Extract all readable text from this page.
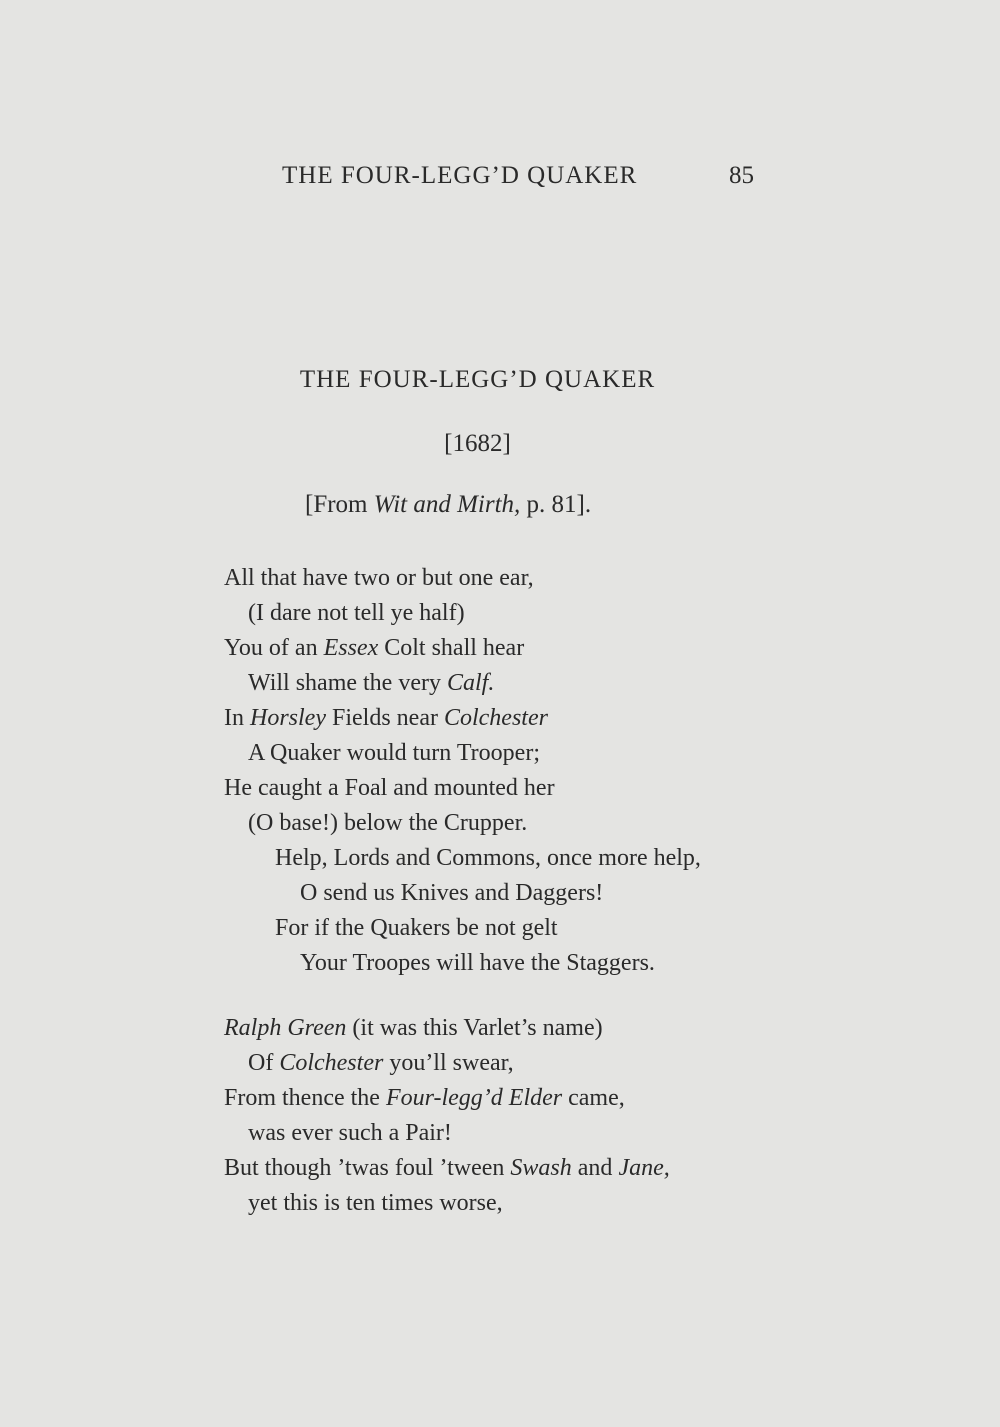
THE FOUR-LEGG’D QUAKER	85
THE FOUR-LEGG’D QUAKER
[1682]
[From Wit and Mirth, p. 81].
All that have two or but one ear,
(I dare not tell ye half)
You of an Essex Colt shall hear
Will shame the very Calf.
In Horsley Fields near Colchester
A Quaker would turn Trooper;
He caught a Foal and mounted her
(O base!) below the Crupper.
Help, Lords and Commons, once more help,
O send us Knives and Daggers!
For if the Quakers be not gelt
Your Troopes will have the Staggers.
Ralph Green (it was this Varlet’s name)
Of Colchester you’ll swear,
From thence the Four-legg’d Elder came,
was ever such a Pair!
But though ’twas foul ’tween Swash and Jane,
yet this is ten times worse,
